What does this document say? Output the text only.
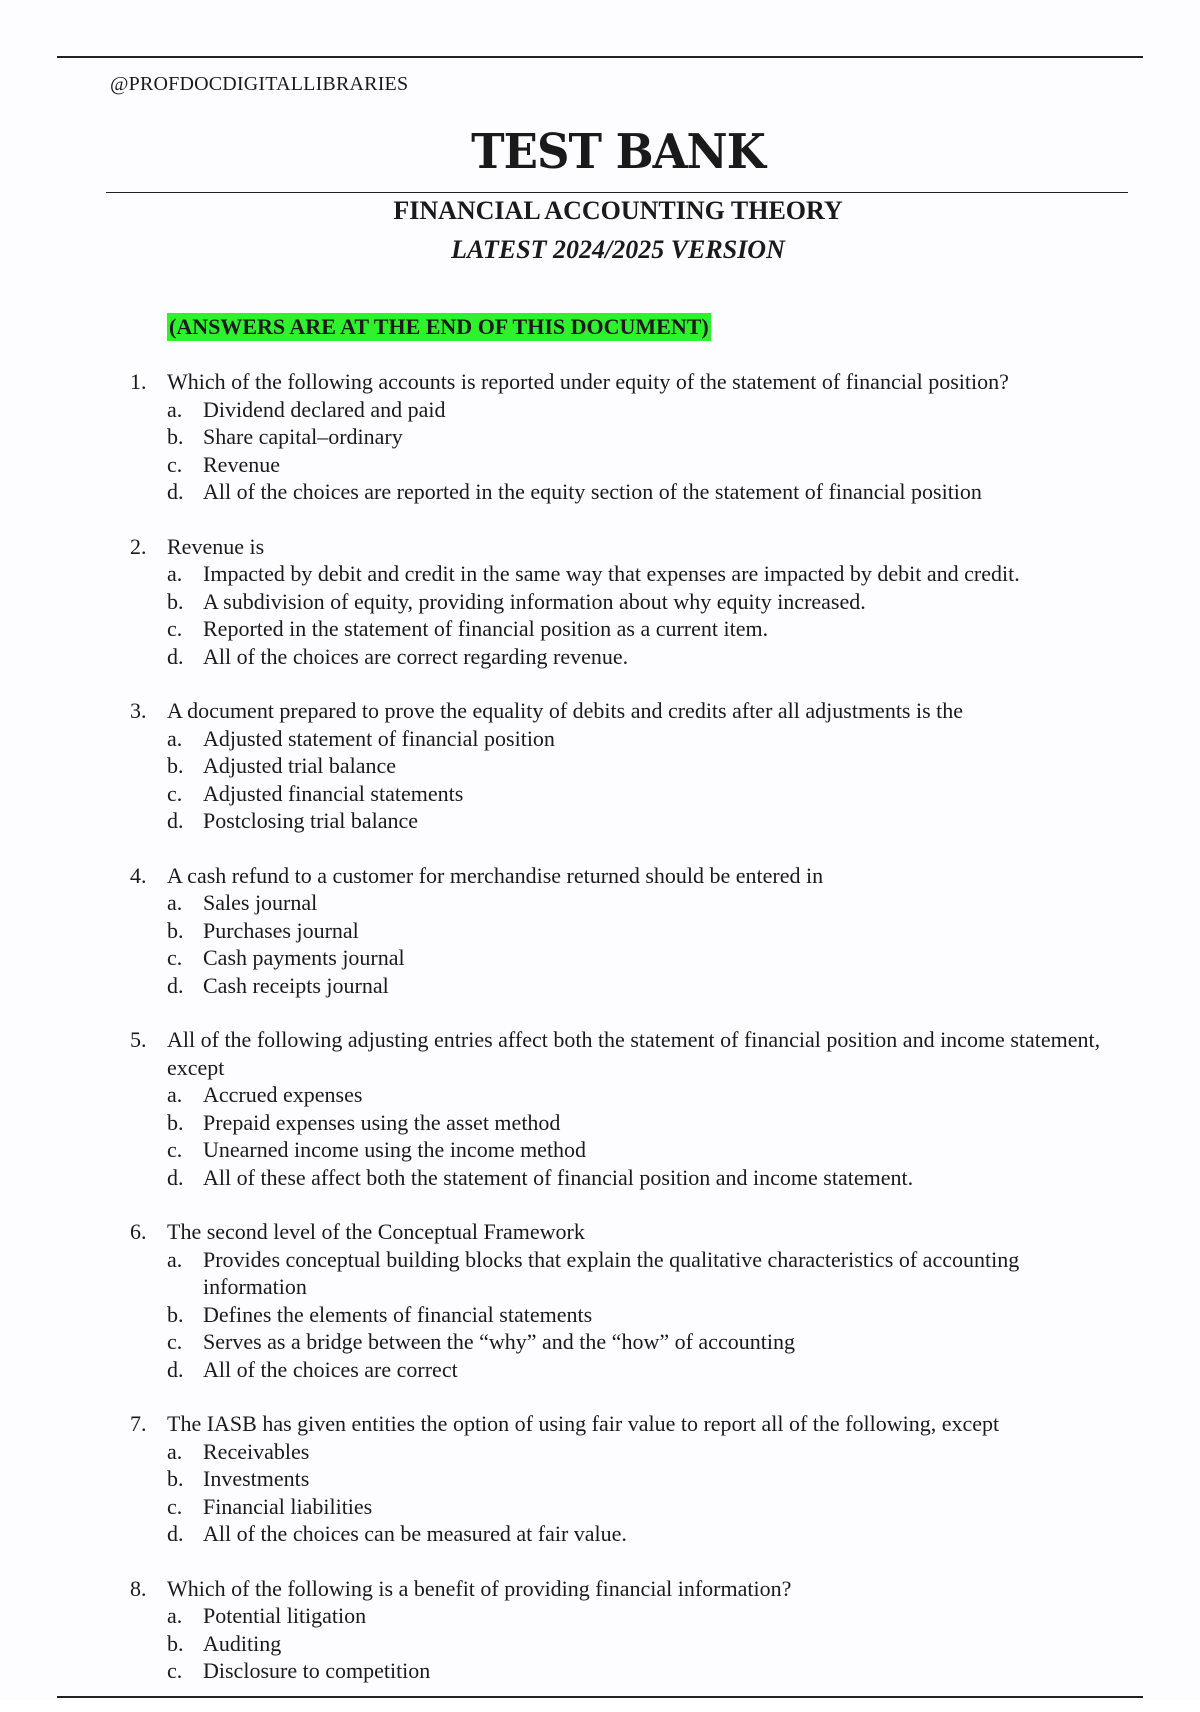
@PROFDOCDIGITALLIBRARIES
TEST BANK
FINANCIAL ACCOUNTING THEORY
LATEST 2024/2025 VERSION
(ANSWERS ARE AT THE END OF THIS DOCUMENT)
1. Which of the following accounts is reported under equity of the statement of financial position?
a. Dividend declared and paid
b. Share capital–ordinary
c. Revenue
d. All of the choices are reported in the equity section of the statement of financial position
2. Revenue is
a. Impacted by debit and credit in the same way that expenses are impacted by debit and credit.
b. A subdivision of equity, providing information about why equity increased.
c. Reported in the statement of financial position as a current item.
d. All of the choices are correct regarding revenue.
3. A document prepared to prove the equality of debits and credits after all adjustments is the
a. Adjusted statement of financial position
b. Adjusted trial balance
c. Adjusted financial statements
d. Postclosing trial balance
4. A cash refund to a customer for merchandise returned should be entered in
a. Sales journal
b. Purchases journal
c. Cash payments journal
d. Cash receipts journal
5. All of the following adjusting entries affect both the statement of financial position and income statement, except
a. Accrued expenses
b. Prepaid expenses using the asset method
c. Unearned income using the income method
d. All of these affect both the statement of financial position and income statement.
6. The second level of the Conceptual Framework
a. Provides conceptual building blocks that explain the qualitative characteristics of accounting information
b. Defines the elements of financial statements
c. Serves as a bridge between the “why” and the “how” of accounting
d. All of the choices are correct
7. The IASB has given entities the option of using fair value to report all of the following, except
a. Receivables
b. Investments
c. Financial liabilities
d. All of the choices can be measured at fair value.
8. Which of the following is a benefit of providing financial information?
a. Potential litigation
b. Auditing
c. Disclosure to competition
